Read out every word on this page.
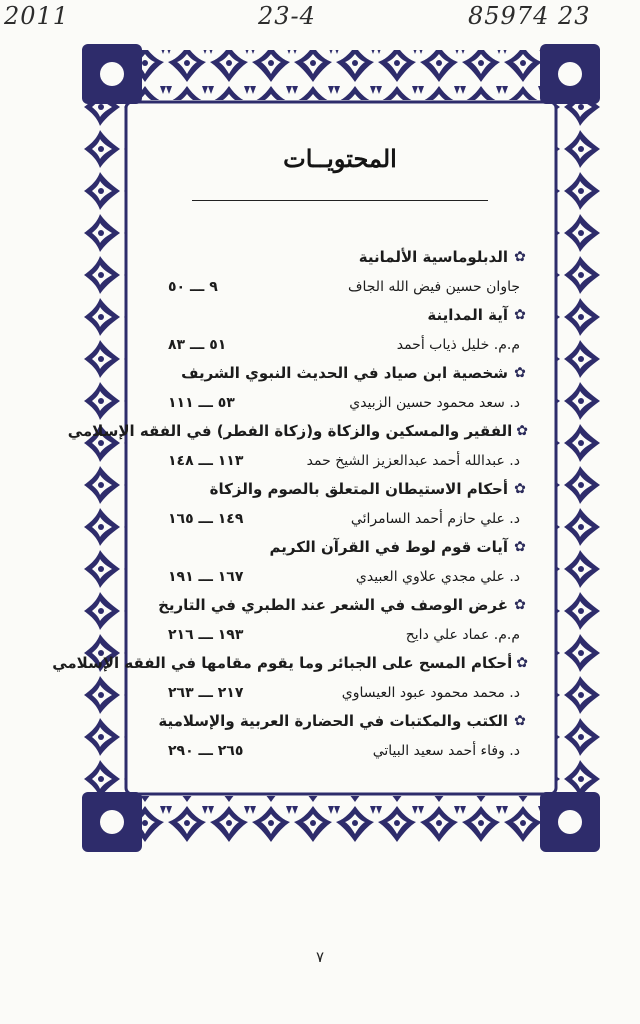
2011	23-4	85974 23
المحتويــات
✿
الدبلوماسية الألمانية
جاوان حسين فيض الله الجاف
٩ ـــ ٥٠
✿
آية المداينة
م.م. خليل ذياب أحمد
٥١ ـــ ٨٣
✿
شخصية ابن صياد في الحديث النبوي الشريف
د. سعد محمود حسين الزبيدي
٥٣ ـــ ١١١
✿
الفقير والمسكين والزكاة و(زكاة الفطر) في الفقه الإسلامي
د. عبدالله أحمد عبدالعزيز الشيخ حمد
١١٣ ـــ ١٤٨
✿
أحكام الاستيطان المتعلق بالصوم والزكاة
د. علي حازم أحمد السامرائي
١٤٩ ـــ ١٦٥
✿
آيات قوم لوط في القرآن الكريم
د. علي مجدي علاوي العبيدي
١٦٧ ـــ ١٩١
✿
غرض الوصف في الشعر عند الطبري في التاريخ
م.م. عماد علي دايح
١٩٣ ـــ ٢١٦
✿
أحكام المسح على الجبائر وما يقوم مقامها في الفقه الإسلامي
د. محمد محمود عبود العيساوي
٢١٧ ـــ ٢٦٣
✿
الكتب والمكتبات في الحضارة العربية والإسلامية
د. وفاء أحمد سعيد البياتي
٢٦٥ ـــ ٢٩٠
٧
